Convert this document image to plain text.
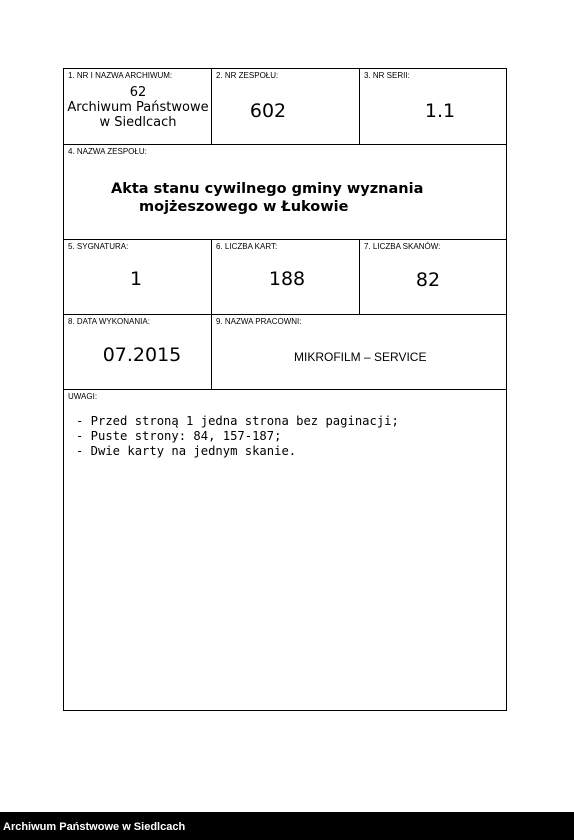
1. NR I NAZWA ARCHIWUM:
62
Archiwum Państwowe
w Siedlcach
2. NR ZESPOŁU:
602
3. NR SERII:
1.1
4. NAZWA ZESPOŁU:
Akta stanu cywilnego gminy wyznania
mojżeszowego w Łukowie
5. SYGNATURA:
1
6. LICZBA KART:
188
7. LICZBA SKANÓW:
82
8. DATA WYKONANIA:
07.2015
9. NAZWA PRACOWNI:
MIKROFILM – SERVICE
UWAGI:
- Przed stroną 1 jedna strona bez paginacji;
- Puste strony: 84, 157-187;
- Dwie karty na jednym skanie.
Archiwum Państwowe w Siedlcach
